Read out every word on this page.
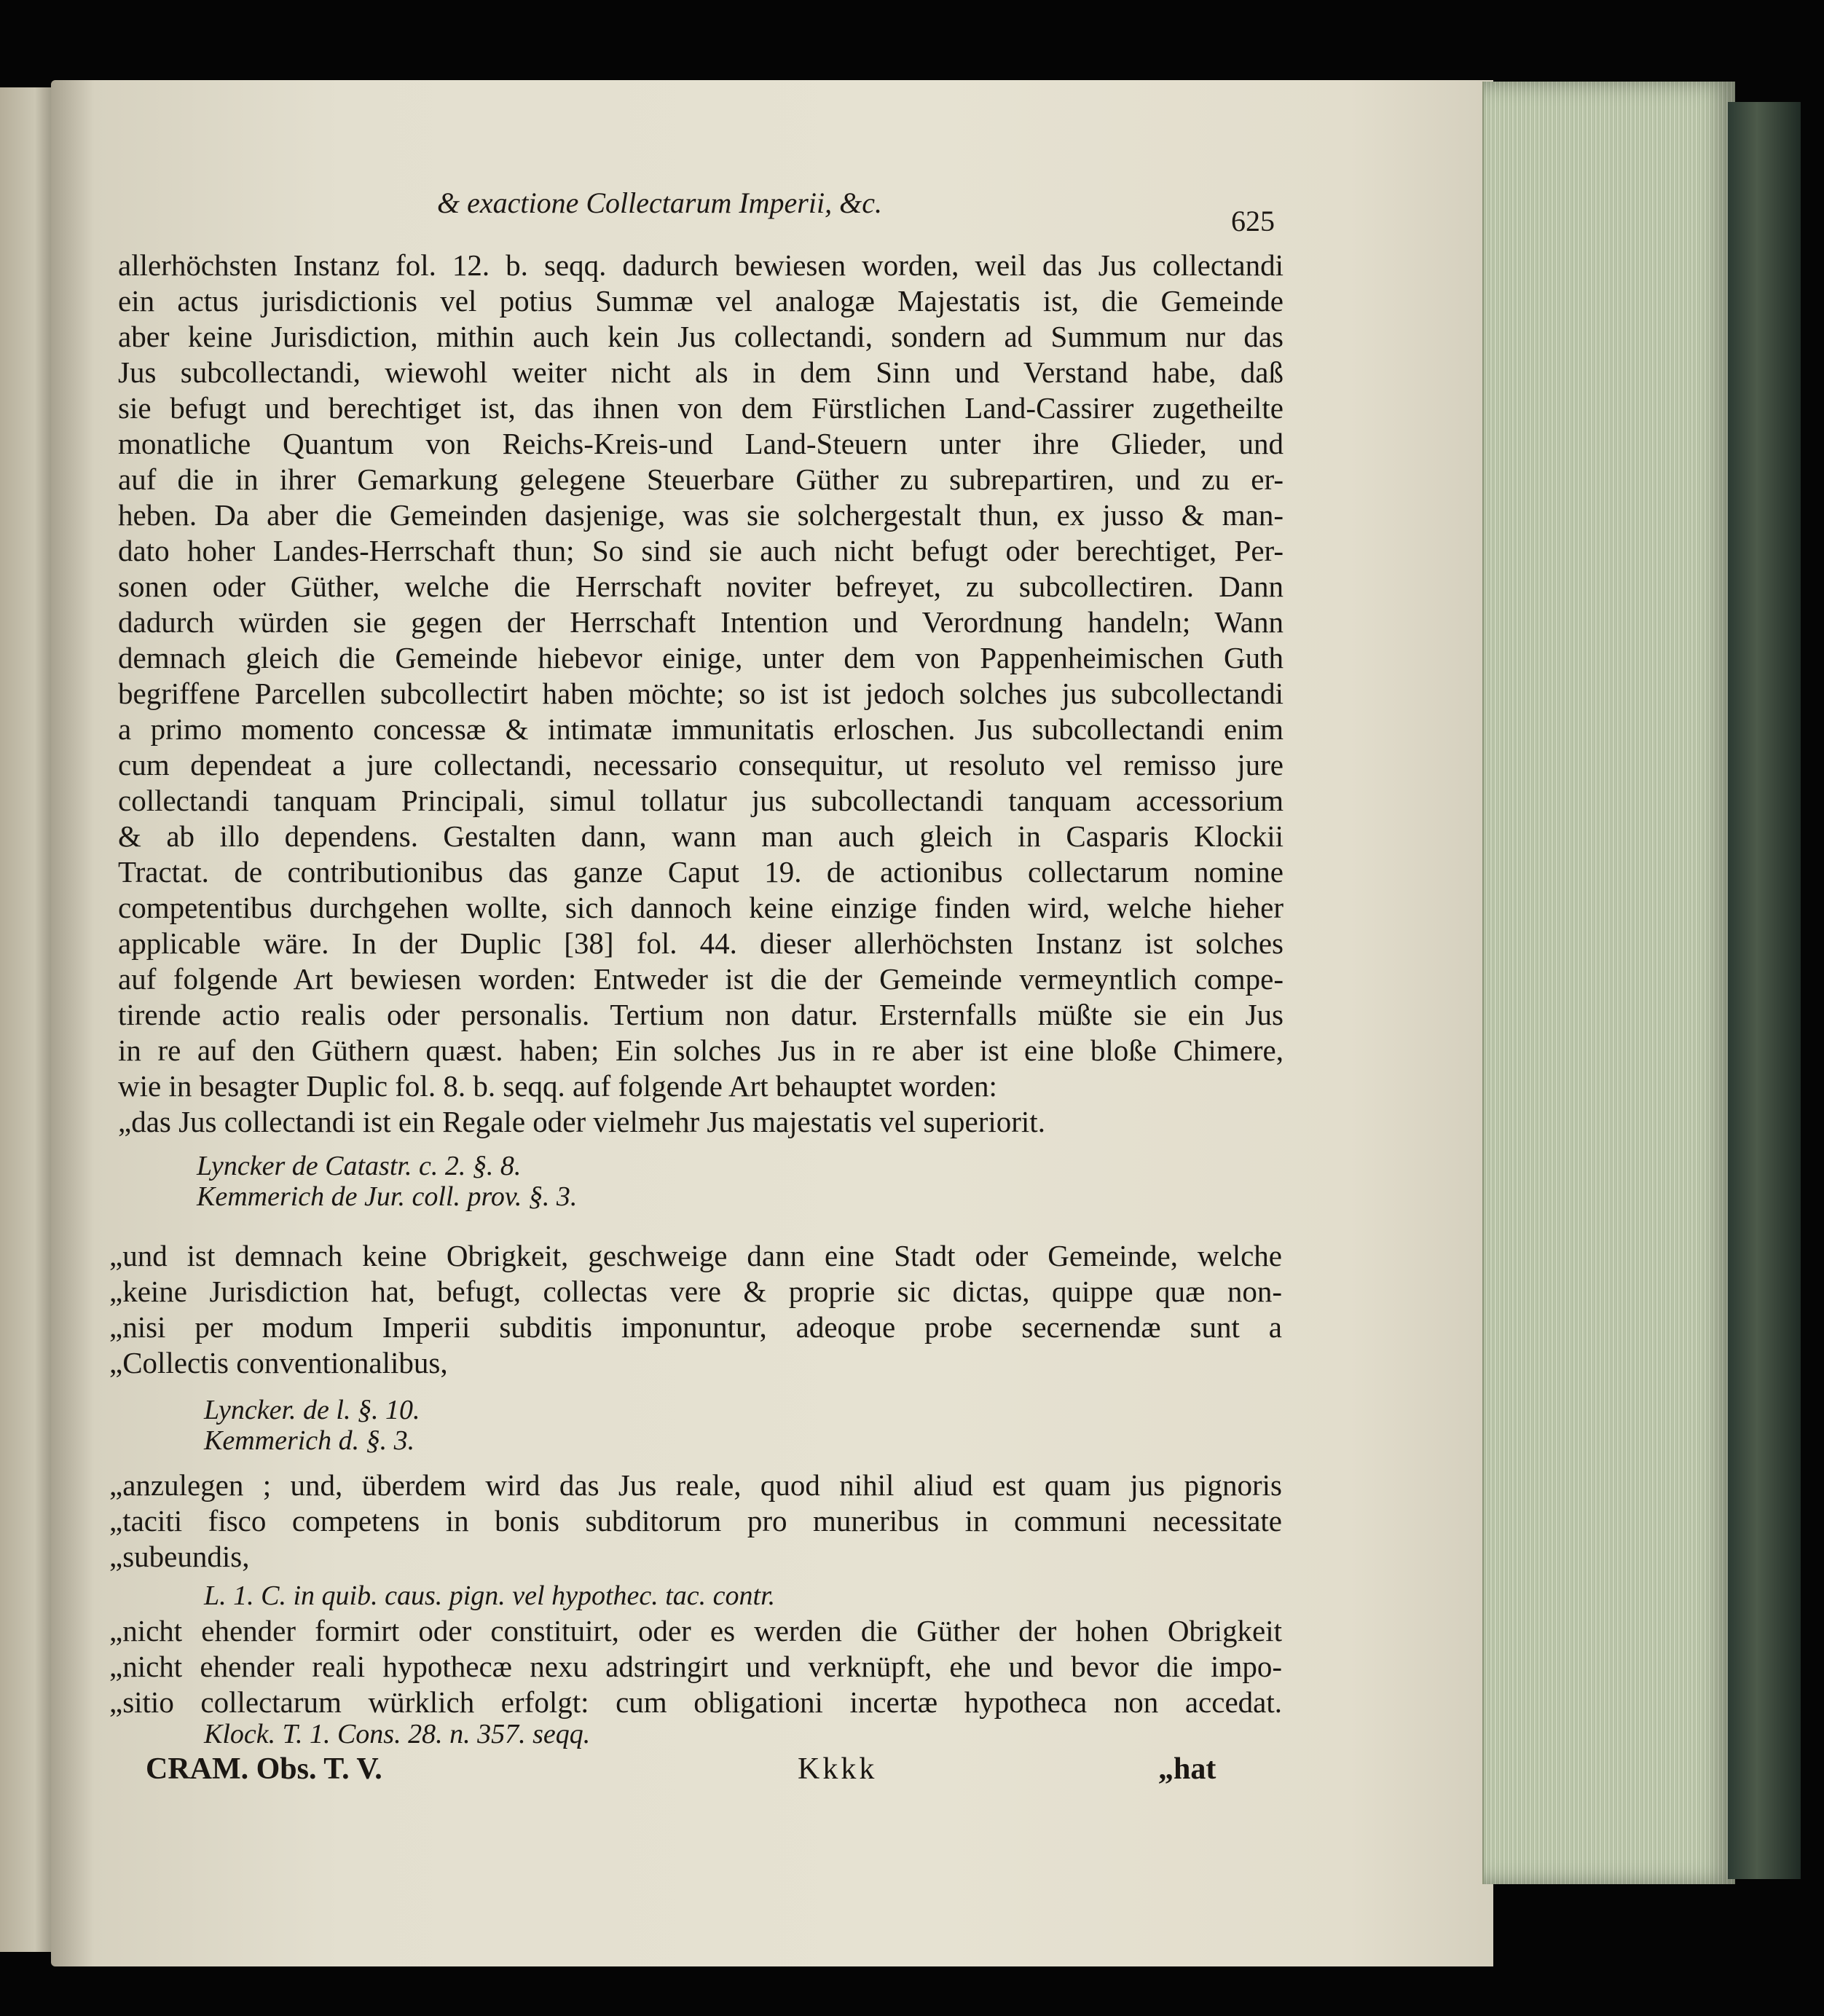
& exactione Collectarum Imperii, &c.
625
allerhöchsten Instanz fol. 12. b. seqq. dadurch bewiesen worden, weil das Jus collectandi
ein actus jurisdictionis vel potius Summæ vel analogæ Majestatis ist, die Gemeinde
aber keine Jurisdiction, mithin auch kein Jus collectandi, sondern ad Summum nur das
Jus subcollectandi, wiewohl weiter nicht als in dem Sinn und Verstand habe, daß
sie befugt und berechtiget ist, das ihnen von dem Fürstlichen Land-Cassirer zugetheilte
monatliche Quantum von Reichs-Kreis-und Land-Steuern unter ihre Glieder, und
auf die in ihrer Gemarkung gelegene Steuerbare Güther zu subrepartiren, und zu er-
heben. Da aber die Gemeinden dasjenige, was sie solchergestalt thun, ex jusso & man-
dato hoher Landes-Herrschaft thun; So sind sie auch nicht befugt oder berechtiget, Per-
sonen oder Güther, welche die Herrschaft noviter befreyet, zu subcollectiren. Dann
dadurch würden sie gegen der Herrschaft Intention und Verordnung handeln; Wann
demnach gleich die Gemeinde hiebevor einige, unter dem von Pappenheimischen Guth
begriffene Parcellen subcollectirt haben möchte; so ist ist jedoch solches jus subcollectandi
a primo momento concessæ & intimatæ immunitatis erloschen. Jus subcollectandi enim
cum dependeat a jure collectandi, necessario consequitur, ut resoluto vel remisso jure
collectandi tanquam Principali, simul tollatur jus subcollectandi tanquam accessorium
& ab illo dependens. Gestalten dann, wann man auch gleich in Casparis Klockii
Tractat. de contributionibus das ganze Caput 19. de actionibus collectarum nomine
competentibus durchgehen wollte, sich dannoch keine einzige finden wird, welche hieher
applicable wäre. In der Duplic [38] fol. 44. dieser allerhöchsten Instanz ist solches
auf folgende Art bewiesen worden: Entweder ist die der Gemeinde vermeyntlich compe-
tirende actio realis oder personalis. Tertium non datur. Ersternfalls müßte sie ein Jus
in re auf den Güthern quæst. haben; Ein solches Jus in re aber ist eine bloße Chimere,
wie in besagter Duplic fol. 8. b. seqq. auf folgende Art behauptet worden:
„das Jus collectandi ist ein Regale oder vielmehr Jus majestatis vel superiorit.
Lyncker de Catastr. c. 2. §. 8.
Kemmerich de Jur. coll. prov. §. 3.
„und ist demnach keine Obrigkeit, geschweige dann eine Stadt oder Gemeinde, welche
„keine Jurisdiction hat, befugt, collectas vere & proprie sic dictas, quippe quæ non-
„nisi per modum Imperii subditis imponuntur, adeoque probe secernendæ sunt a
„Collectis conventionalibus,
Lyncker. de l. §. 10.
Kemmerich d. §. 3.
„anzulegen ; und, überdem wird das Jus reale, quod nihil aliud est quam jus pignoris
„taciti fisco competens in bonis subditorum pro muneribus in communi necessitate
„subeundis,
L. 1. C. in quib. caus. pign. vel hypothec. tac. contr.
„nicht ehender formirt oder constituirt, oder es werden die Güther der hohen Obrigkeit
„nicht ehender reali hypothecæ nexu adstringirt und verknüpft, ehe und bevor die impo-
„sitio collectarum würklich erfolgt: cum obligationi incertæ hypotheca non accedat.
Klock. T. 1. Cons. 28. n. 357. seqq.
CRAM. Obs. T. V.	Kkkk	„hat
